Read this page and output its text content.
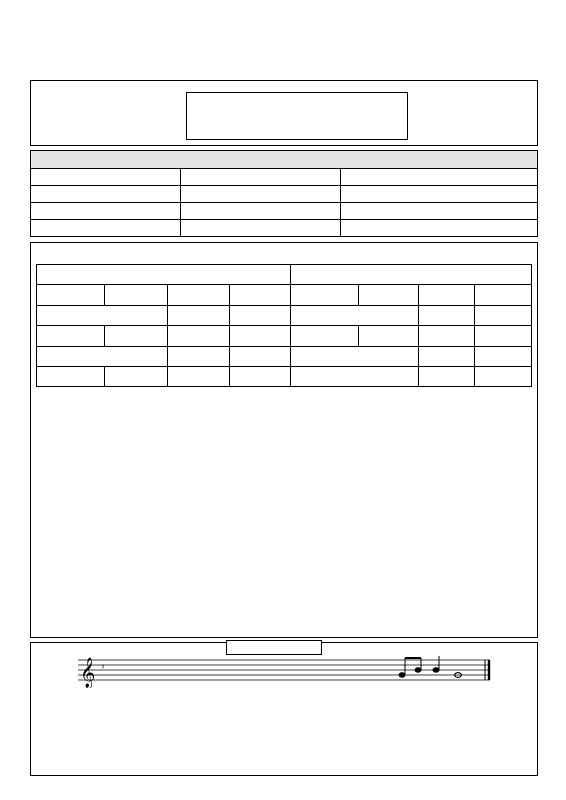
𝄞 𝄽
